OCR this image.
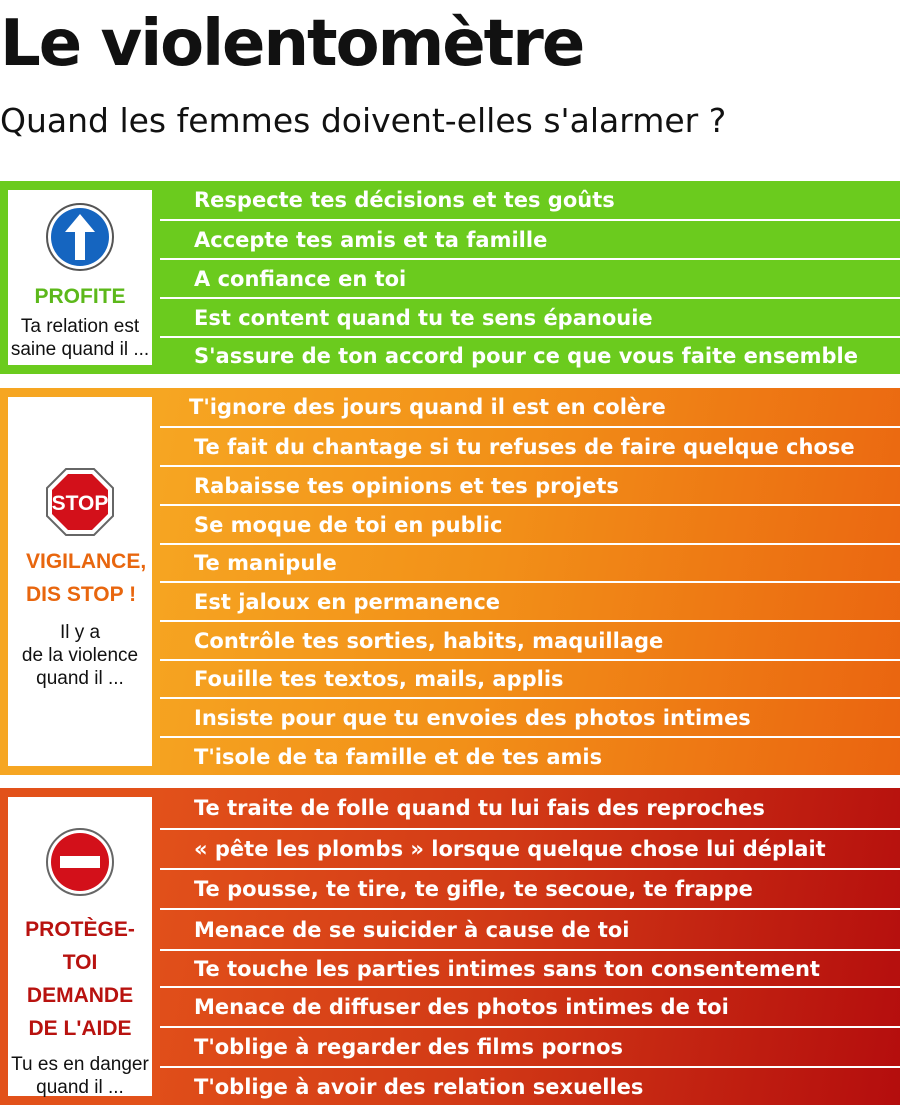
Le violentomètre
Quand les femmes doivent-elles s'alarmer ?
PROFITE
Ta relation est
saine quand il ...
Respecte tes décisions et tes goûts
Accepte tes amis et ta famille
A confiance en toi
Est content quand tu te sens épanouie
S'assure de ton accord pour ce que vous faite ensemble
STOP
VIGILANCE,
DIS STOP !
Il y a
de la violence
quand il ...
T'ignore des jours quand il est en colère
Te fait du chantage si tu refuses de faire quelque chose
Rabaisse tes opinions et tes projets
Se moque de toi en public
Te manipule
Est jaloux en permanence
Contrôle tes sorties, habits, maquillage
Fouille tes textos, mails, applis
Insiste pour que tu envoies des photos intimes
T'isole de ta famille et de tes amis
PROTÈGE-TOI
DEMANDE
DE L'AIDE
Tu es en danger
quand il ...
Te traite de folle quand tu lui fais des reproches
« pête les plombs » lorsque quelque chose lui déplait
Te pousse, te tire, te gifle, te secoue, te frappe
Menace de se suicider à cause de toi
Te touche les parties intimes sans ton consentement
Menace de diffuser des photos intimes de toi
T'oblige à regarder des films pornos
T'oblige à avoir des relation sexuelles
